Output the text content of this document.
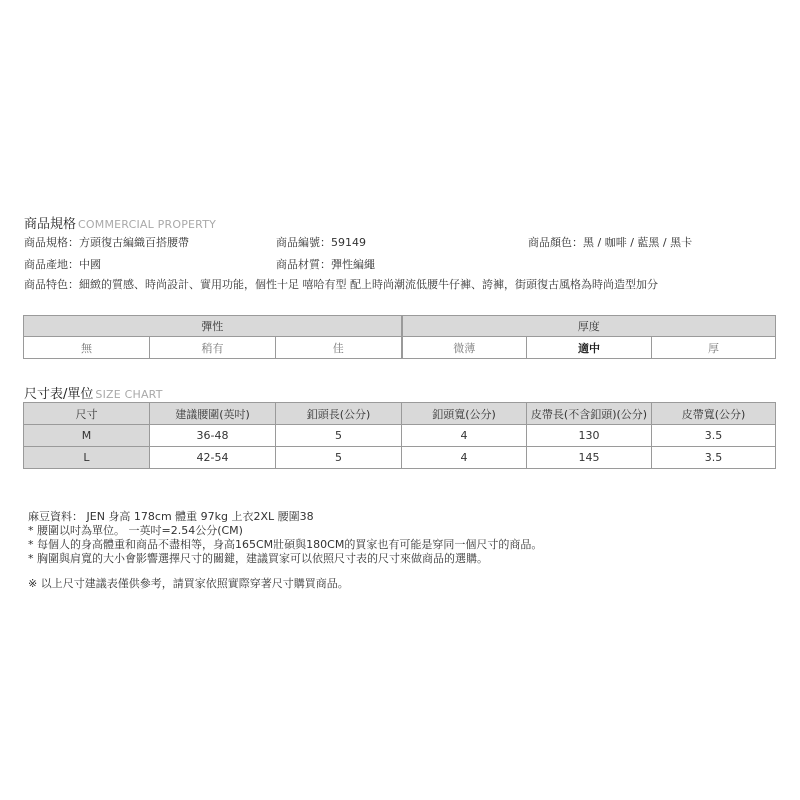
商品規格 COMMERCIAL PROPERTY
商品規格：方頭復古編織百搭腰帶	商品編號：59149	商品顏色：黑 / 咖啡 / 藍黑 / 黑卡
商品產地：中國	商品材質：彈性編繩
商品特色：細緻的質感、時尚設計、實用功能，個性十足 嘻哈有型 配上時尚潮流低腰牛仔褲、誇褲，街頭復古風格為時尚造型加分
彈性			厚度		
無	稍有	佳	微薄	適中	厚
尺寸表/單位 SIZE CHART
尺寸	建議腰圍(英吋)	釦頭長(公分)	釦頭寬(公分)	皮帶長(不含釦頭)(公分)	皮帶寬(公分)
M	36-48	5	4	130	3.5
L	42-54	5	4	145	3.5
麻豆資料： JEN 身高 178cm 體重 97kg 上衣2XL 腰圍38
* 腰圍以吋為單位。 一英吋=2.54公分(CM)
* 每個人的身高體重和商品不盡相等，身高165CM壯碩與180CM的買家也有可能是穿同一個尺寸的商品。
* 胸圍與肩寬的大小會影響選擇尺寸的關鍵，建議買家可以依照尺寸表的尺寸來做商品的選購。
※ 以上尺寸建議表僅供參考，請買家依照實際穿著尺寸購買商品。
